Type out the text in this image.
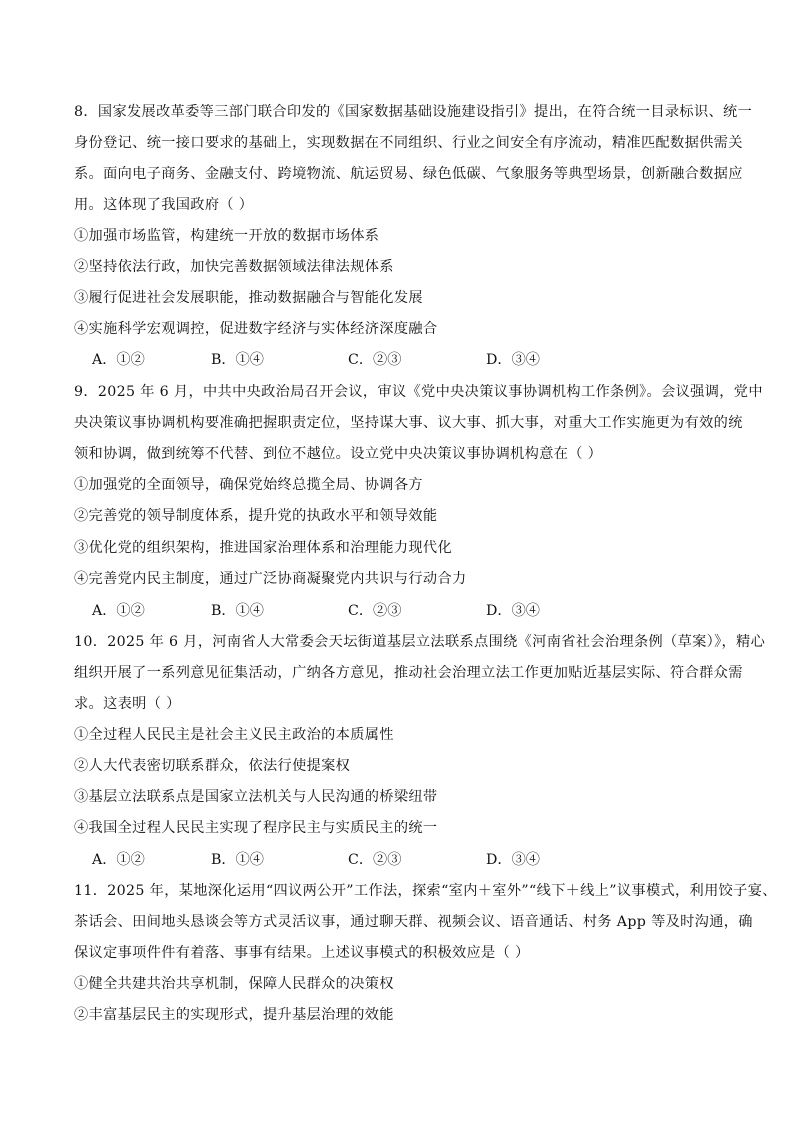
8．国家发展改革委等三部门联合印发的《国家数据基础设施建设指引》提出，在符合统一目录标识、统一
身份登记、统一接口要求的基础上，实现数据在不同组织、行业之间安全有序流动，精准匹配数据供需关
系。面向电子商务、金融支付、跨境物流、航运贸易、绿色低碳、气象服务等典型场景，创新融合数据应
用。这体现了我国政府（ ）
①加强市场监管，构建统一开放的数据市场体系
②坚持依法行政，加快完善数据领域法律法规体系
③履行促进社会发展职能，推动数据融合与智能化发展
④实施科学宏观调控，促进数字经济与实体经济深度融合
A．①②	B．①④	C．②③	D．③④
9．2025 年 6 月，中共中央政治局召开会议，审议《党中央决策议事协调机构工作条例》。会议强调，党中
央决策议事协调机构要准确把握职责定位，坚持谋大事、议大事、抓大事，对重大工作实施更为有效的统
领和协调，做到统筹不代替、到位不越位。设立党中央决策议事协调机构意在（ ）
①加强党的全面领导，确保党始终总揽全局、协调各方
②完善党的领导制度体系，提升党的执政水平和领导效能
③优化党的组织架构，推进国家治理体系和治理能力现代化
④完善党内民主制度，通过广泛协商凝聚党内共识与行动合力
A．①②	B．①④	C．②③	D．③④
10．2025 年 6 月，河南省人大常委会天坛街道基层立法联系点围绕《河南省社会治理条例（草案）》，精心
组织开展了一系列意见征集活动，广纳各方意见，推动社会治理立法工作更加贴近基层实际、符合群众需
求。这表明（ ）
①全过程人民民主是社会主义民主政治的本质属性
②人大代表密切联系群众，依法行使提案权
③基层立法联系点是国家立法机关与人民沟通的桥梁纽带
④我国全过程人民民主实现了程序民主与实质民主的统一
A．①②	B．①④	C．②③	D．③④
11．2025 年，某地深化运用“四议两公开”工作法，探索“室内＋室外”“线下＋线上”议事模式，利用饺子宴、
茶话会、田间地头恳谈会等方式灵活议事，通过聊天群、视频会议、语音通话、村务 App 等及时沟通，确
保议定事项件件有着落、事事有结果。上述议事模式的积极效应是（ ）
①健全共建共治共享机制，保障人民群众的决策权
②丰富基层民主的实现形式，提升基层治理的效能
